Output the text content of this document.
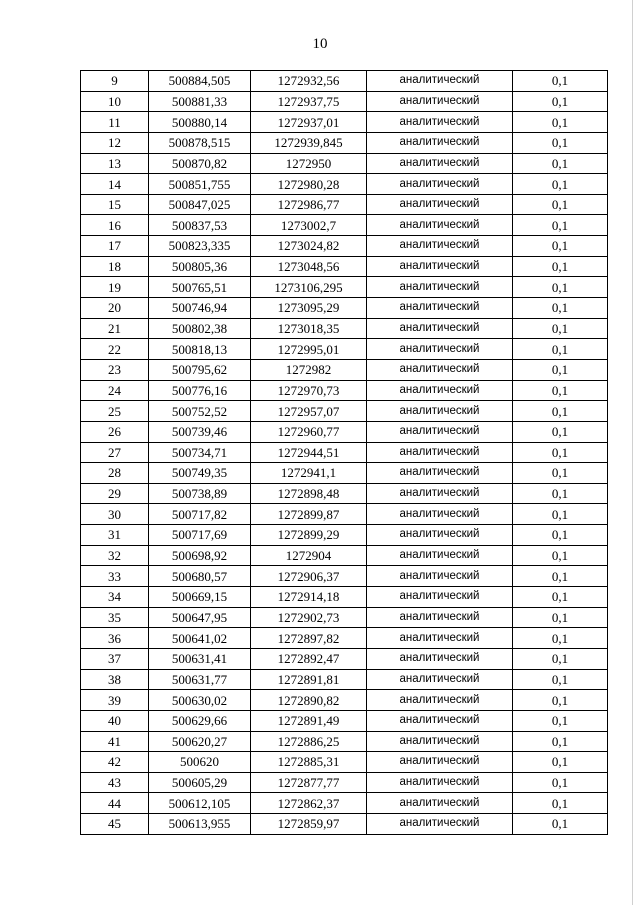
10
9	500884,505	1272932,56	аналитический	0,1
10	500881,33	1272937,75	аналитический	0,1
11	500880,14	1272937,01	аналитический	0,1
12	500878,515	1272939,845	аналитический	0,1
13	500870,82	1272950	аналитический	0,1
14	500851,755	1272980,28	аналитический	0,1
15	500847,025	1272986,77	аналитический	0,1
16	500837,53	1273002,7	аналитический	0,1
17	500823,335	1273024,82	аналитический	0,1
18	500805,36	1273048,56	аналитический	0,1
19	500765,51	1273106,295	аналитический	0,1
20	500746,94	1273095,29	аналитический	0,1
21	500802,38	1273018,35	аналитический	0,1
22	500818,13	1272995,01	аналитический	0,1
23	500795,62	1272982	аналитический	0,1
24	500776,16	1272970,73	аналитический	0,1
25	500752,52	1272957,07	аналитический	0,1
26	500739,46	1272960,77	аналитический	0,1
27	500734,71	1272944,51	аналитический	0,1
28	500749,35	1272941,1	аналитический	0,1
29	500738,89	1272898,48	аналитический	0,1
30	500717,82	1272899,87	аналитический	0,1
31	500717,69	1272899,29	аналитический	0,1
32	500698,92	1272904	аналитический	0,1
33	500680,57	1272906,37	аналитический	0,1
34	500669,15	1272914,18	аналитический	0,1
35	500647,95	1272902,73	аналитический	0,1
36	500641,02	1272897,82	аналитический	0,1
37	500631,41	1272892,47	аналитический	0,1
38	500631,77	1272891,81	аналитический	0,1
39	500630,02	1272890,82	аналитический	0,1
40	500629,66	1272891,49	аналитический	0,1
41	500620,27	1272886,25	аналитический	0,1
42	500620	1272885,31	аналитический	0,1
43	500605,29	1272877,77	аналитический	0,1
44	500612,105	1272862,37	аналитический	0,1
45	500613,955	1272859,97	аналитический	0,1
